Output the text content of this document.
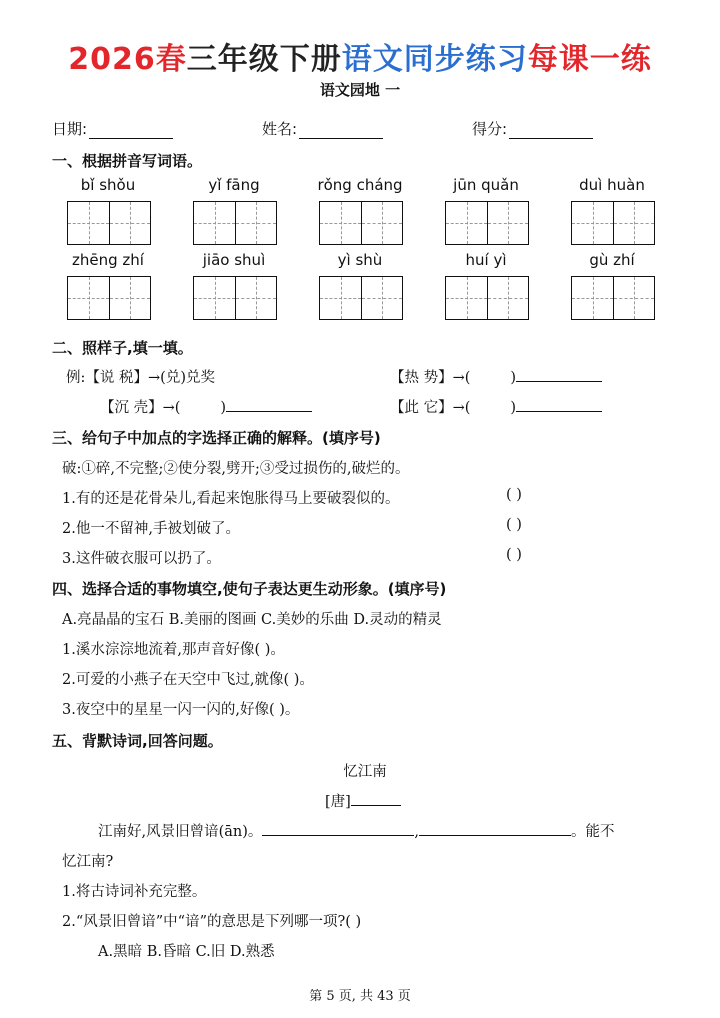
2026春三年级下册语文同步练习每课一练
语文园地 一
日期:	姓名:	得分:
一、根据拼音写词语。
bǐ shǒu	yǐ fāng	rǒng cháng	jūn quǎn	duì huàn
zhēng zhí	jiāo shuì	yì shù	huí yì	gù zhí
二、照样子,填一填。
例:【说 税】→(兑)兑奖	【热 势】→(	)
【沉 壳】→(	)	【此 它】→(	)
三、给句子中加点的字选择正确的解释。(填序号)
破:①碎,不完整;②使分裂,劈开;③受过损伤的,破烂的。
1.有的还是花骨朵儿,看起来饱胀得马上要破裂似的。	( )
2.他一不留神,手被划破了。	( )
3.这件破衣服可以扔了。	( )
四、选择合适的事物填空,使句子表达更生动形象。(填序号)
A.亮晶晶的宝石 B.美丽的图画 C.美妙的乐曲 D.灵动的精灵
1.溪水淙淙地流着,那声音好像( )。
2.可爱的小燕子在天空中飞过,就像( )。
3.夜空中的星星一闪一闪的,好像( )。
五、背默诗词,回答问题。
忆江南
[唐]
江南好,风景旧曾谙(ān)。	,	。能不
忆江南?
1.将古诗词补充完整。
2.“风景旧曾谙”中“谙”的意思是下列哪一项?( )
A.黑暗 B.昏暗 C.旧 D.熟悉
第 5 页, 共 43 页
